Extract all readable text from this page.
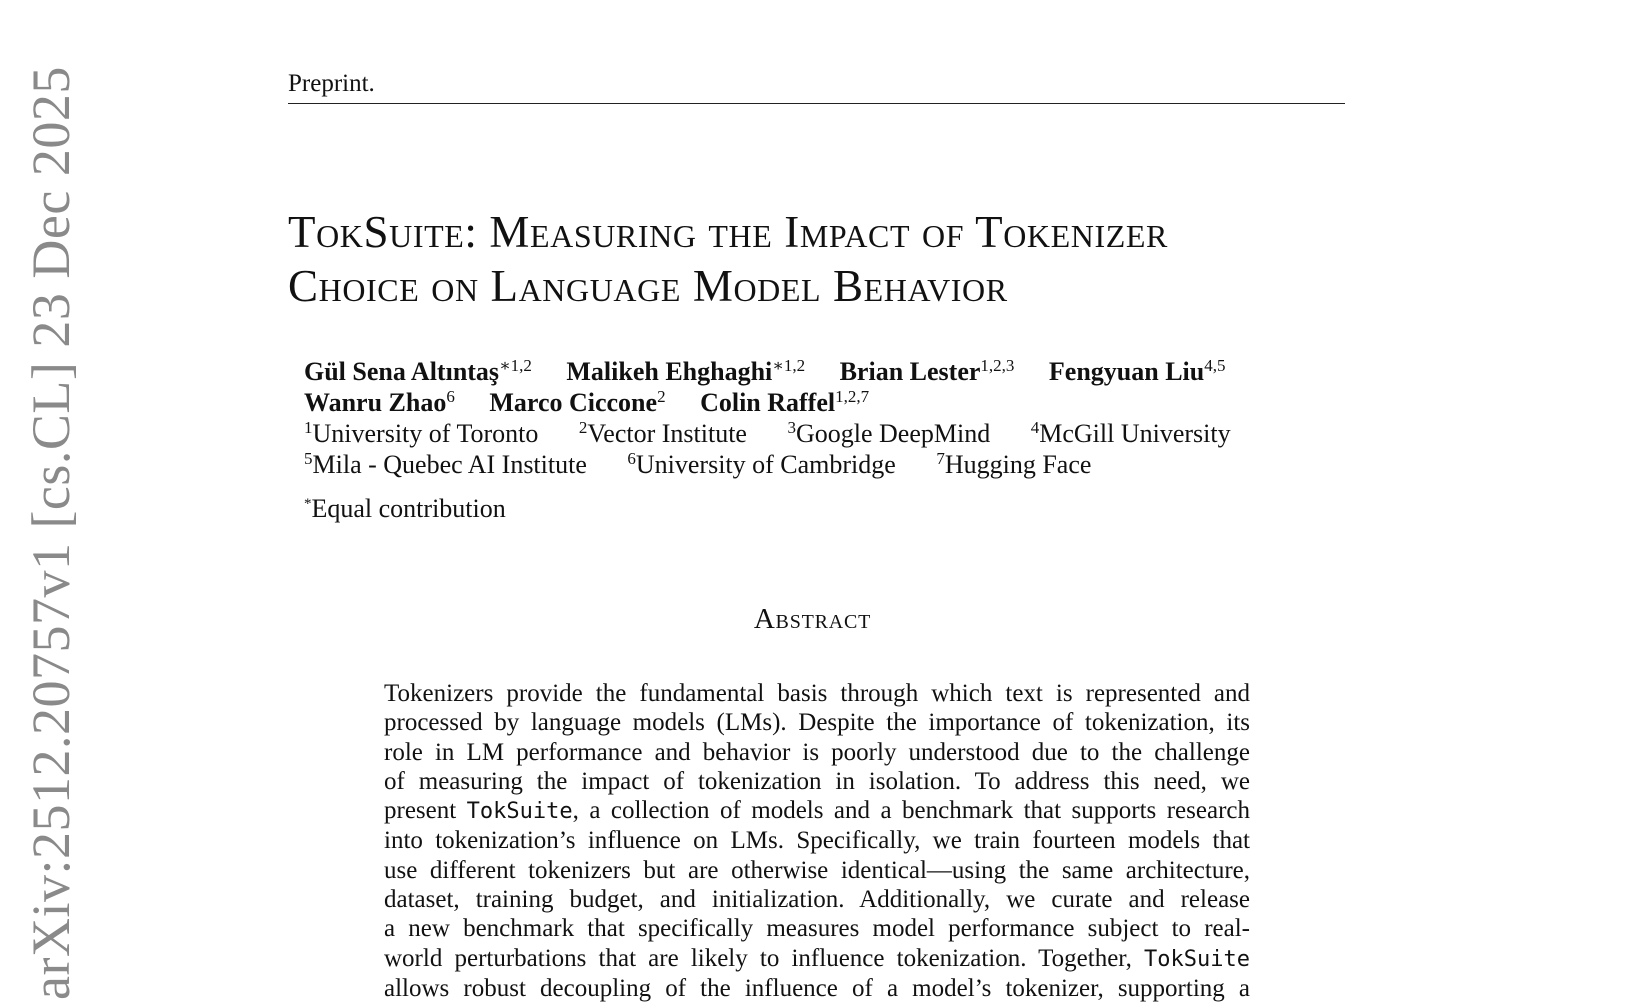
arXiv:2512.20757v1 [cs.CL] 23 Dec 2025	Preprint.
TokSuite: Measuring the Impact of Tokenizer
Choice on Language Model Behavior
Gül Sena Altıntaş$^{∗1,2}$ Malikeh Ehghaghi$^{∗1,2}$ Brian Lester$^{1,2,3}$ Fengyuan Liu$^{4,5}$
Wanru Zhao$^6$ Marco Ciccone$^2$ Colin Raffel$^{1,2,7}$
$^1$University of Toronto $^2$Vector Institute $^3$Google DeepMind $^4$McGill University
$^5$Mila - Quebec AI Institute $^6$University of Cambridge $^7$Hugging Face
*Equal contribution
Abstract
Tokenizers provide the fundamental basis through which text is represented and
processed by language models (LMs). Despite the importance of tokenization, its
role in LM performance and behavior is poorly understood due to the challenge
of measuring the impact of tokenization in isolation. To address this need, we
present TokSuite, a collection of models and a benchmark that supports research
into tokenization’s influence on LMs. Specifically, we train fourteen models that
use different tokenizers but are otherwise identical—using the same architecture,
dataset, training budget, and initialization. Additionally, we curate and release
a new benchmark that specifically measures model performance subject to real-
world perturbations that are likely to influence tokenization. Together, TokSuite
allows robust decoupling of the influence of a model’s tokenizer, supporting a
